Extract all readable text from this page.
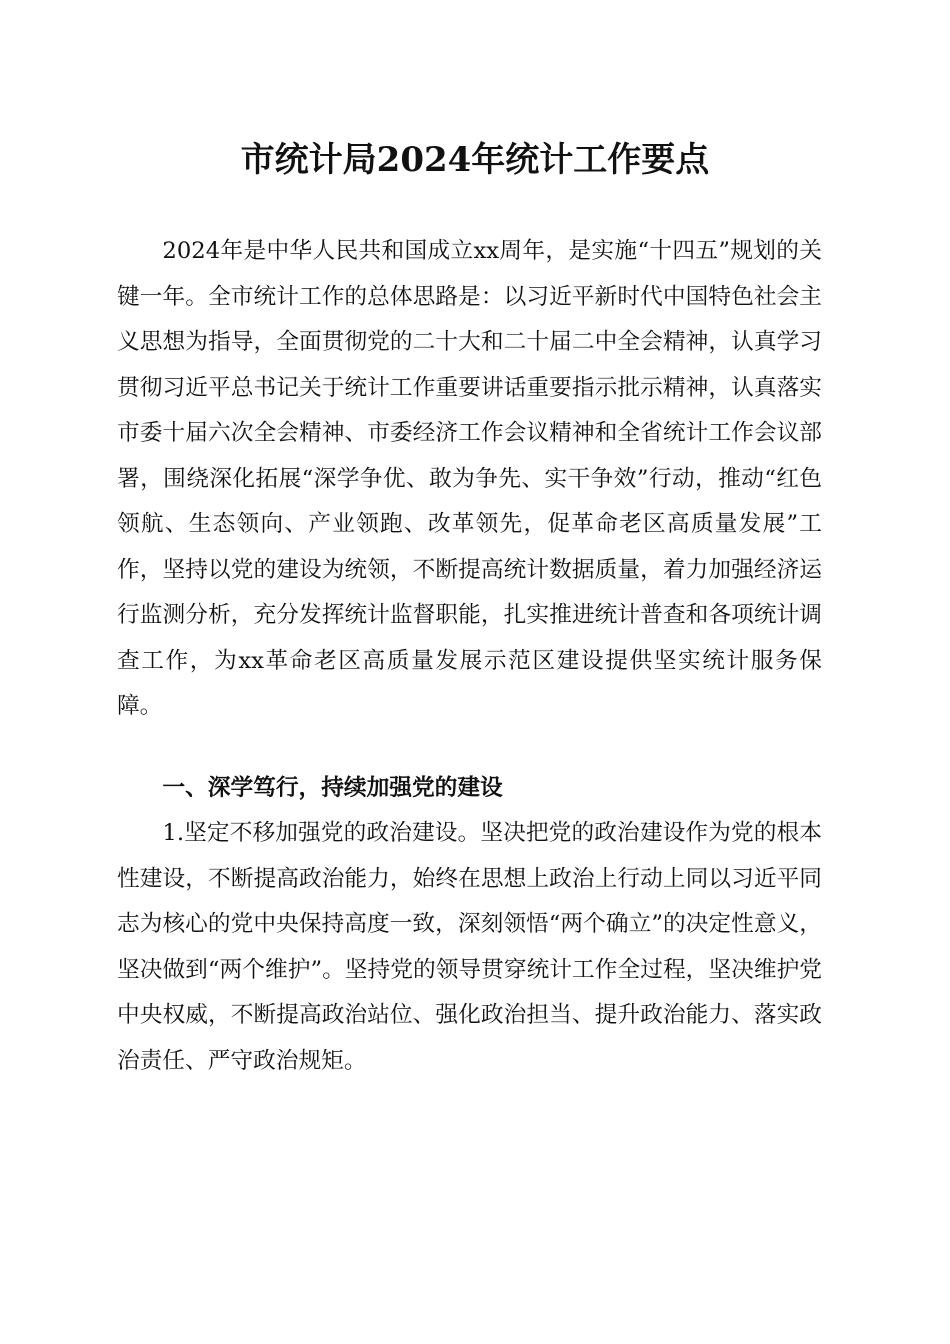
市统计局2024年统计工作要点

2024年是中华人民共和国成立xx周年，是实施“十四五”规划的关键一年。全市统计工作的总体思路是：以习近平新时代中国特色社会主义思想为指导，全面贯彻党的二十大和二十届二中全会精神，认真学习贯彻习近平总书记关于统计工作重要讲话重要指示批示精神，认真落实市委十届六次全会精神、市委经济工作会议精神和全省统计工作会议部署，围绕深化拓展“深学争优、敢为争先、实干争效”行动，推动“红色领航、生态领向、产业领跑、改革领先，促革命老区高质量发展”工作，坚持以党的建设为统领，不断提高统计数据质量，着力加强经济运行监测分析，充分发挥统计监督职能，扎实推进统计普查和各项统计调查工作，为xx革命老区高质量发展示范区建设提供坚实统计服务保障。

一、深学笃行，持续加强党的建设

1.坚定不移加强党的政治建设。坚决把党的政治建设作为党的根本性建设，不断提高政治能力，始终在思想上政治上行动上同以习近平同志为核心的党中央保持高度一致，深刻领悟“两个确立”的决定性意义，坚决做到“两个维护”。坚持党的领导贯穿统计工作全过程，坚决维护党中央权威，不断提高政治站位、强化政治担当、提升政治能力、落实政治责任、严守政治规矩。
